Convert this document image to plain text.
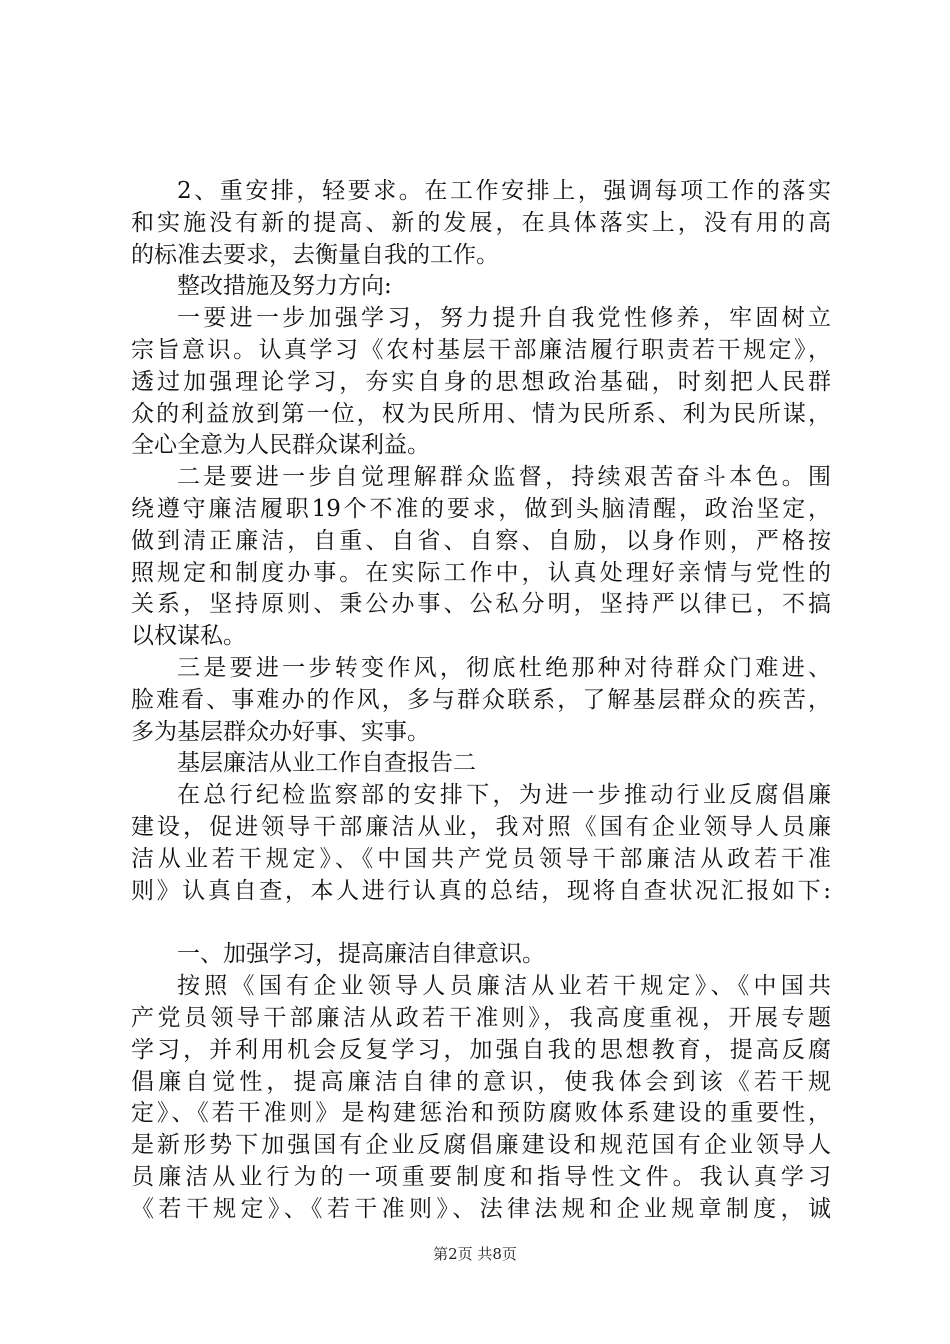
2、重安排，轻要求。在工作安排上，强调每项工作的落实
和实施没有新的提高、新的发展，在具体落实上，没有用的高
的标准去要求，去衡量自我的工作。
整改措施及努力方向:
一要进一步加强学习，努力提升自我党性修养，牢固树立
宗旨意识。认真学习《农村基层干部廉洁履行职责若干规定》，
透过加强理论学习，夯实自身的思想政治基础，时刻把人民群
众的利益放到第一位，权为民所用、情为民所系、利为民所谋，
全心全意为人民群众谋利益。
二是要进一步自觉理解群众监督，持续艰苦奋斗本色。围
绕遵守廉洁履职19个不准的要求，做到头脑清醒，政治坚定，
做到清正廉洁，自重、自省、自察、自励，以身作则，严格按
照规定和制度办事。在实际工作中，认真处理好亲情与党性的
关系，坚持原则、秉公办事、公私分明，坚持严以律已，不搞
以权谋私。
三是要进一步转变作风，彻底杜绝那种对待群众门难进、
脸难看、事难办的作风，多与群众联系，了解基层群众的疾苦，
多为基层群众办好事、实事。
基层廉洁从业工作自查报告二
在总行纪检监察部的安排下，为进一步推动行业反腐倡廉
建设，促进领导干部廉洁从业，我对照《国有企业领导人员廉
洁从业若干规定》、《中国共产党员领导干部廉洁从政若干准
则》认真自查，本人进行认真的总结，现将自查状况汇报如下:
一、加强学习，提高廉洁自律意识。
按照《国有企业领导人员廉洁从业若干规定》、《中国共
产党员领导干部廉洁从政若干准则》，我高度重视，开展专题
学习，并利用机会反复学习，加强自我的思想教育，提高反腐
倡廉自觉性，提高廉洁自律的意识，使我体会到该《若干规
定》、《若干准则》是构建惩治和预防腐败体系建设的重要性，
是新形势下加强国有企业反腐倡廉建设和规范国有企业领导人
员廉洁从业行为的一项重要制度和指导性文件。我认真学习
《若干规定》、《若干准则》、法律法规和企业规章制度，诚
第2页 共8页
